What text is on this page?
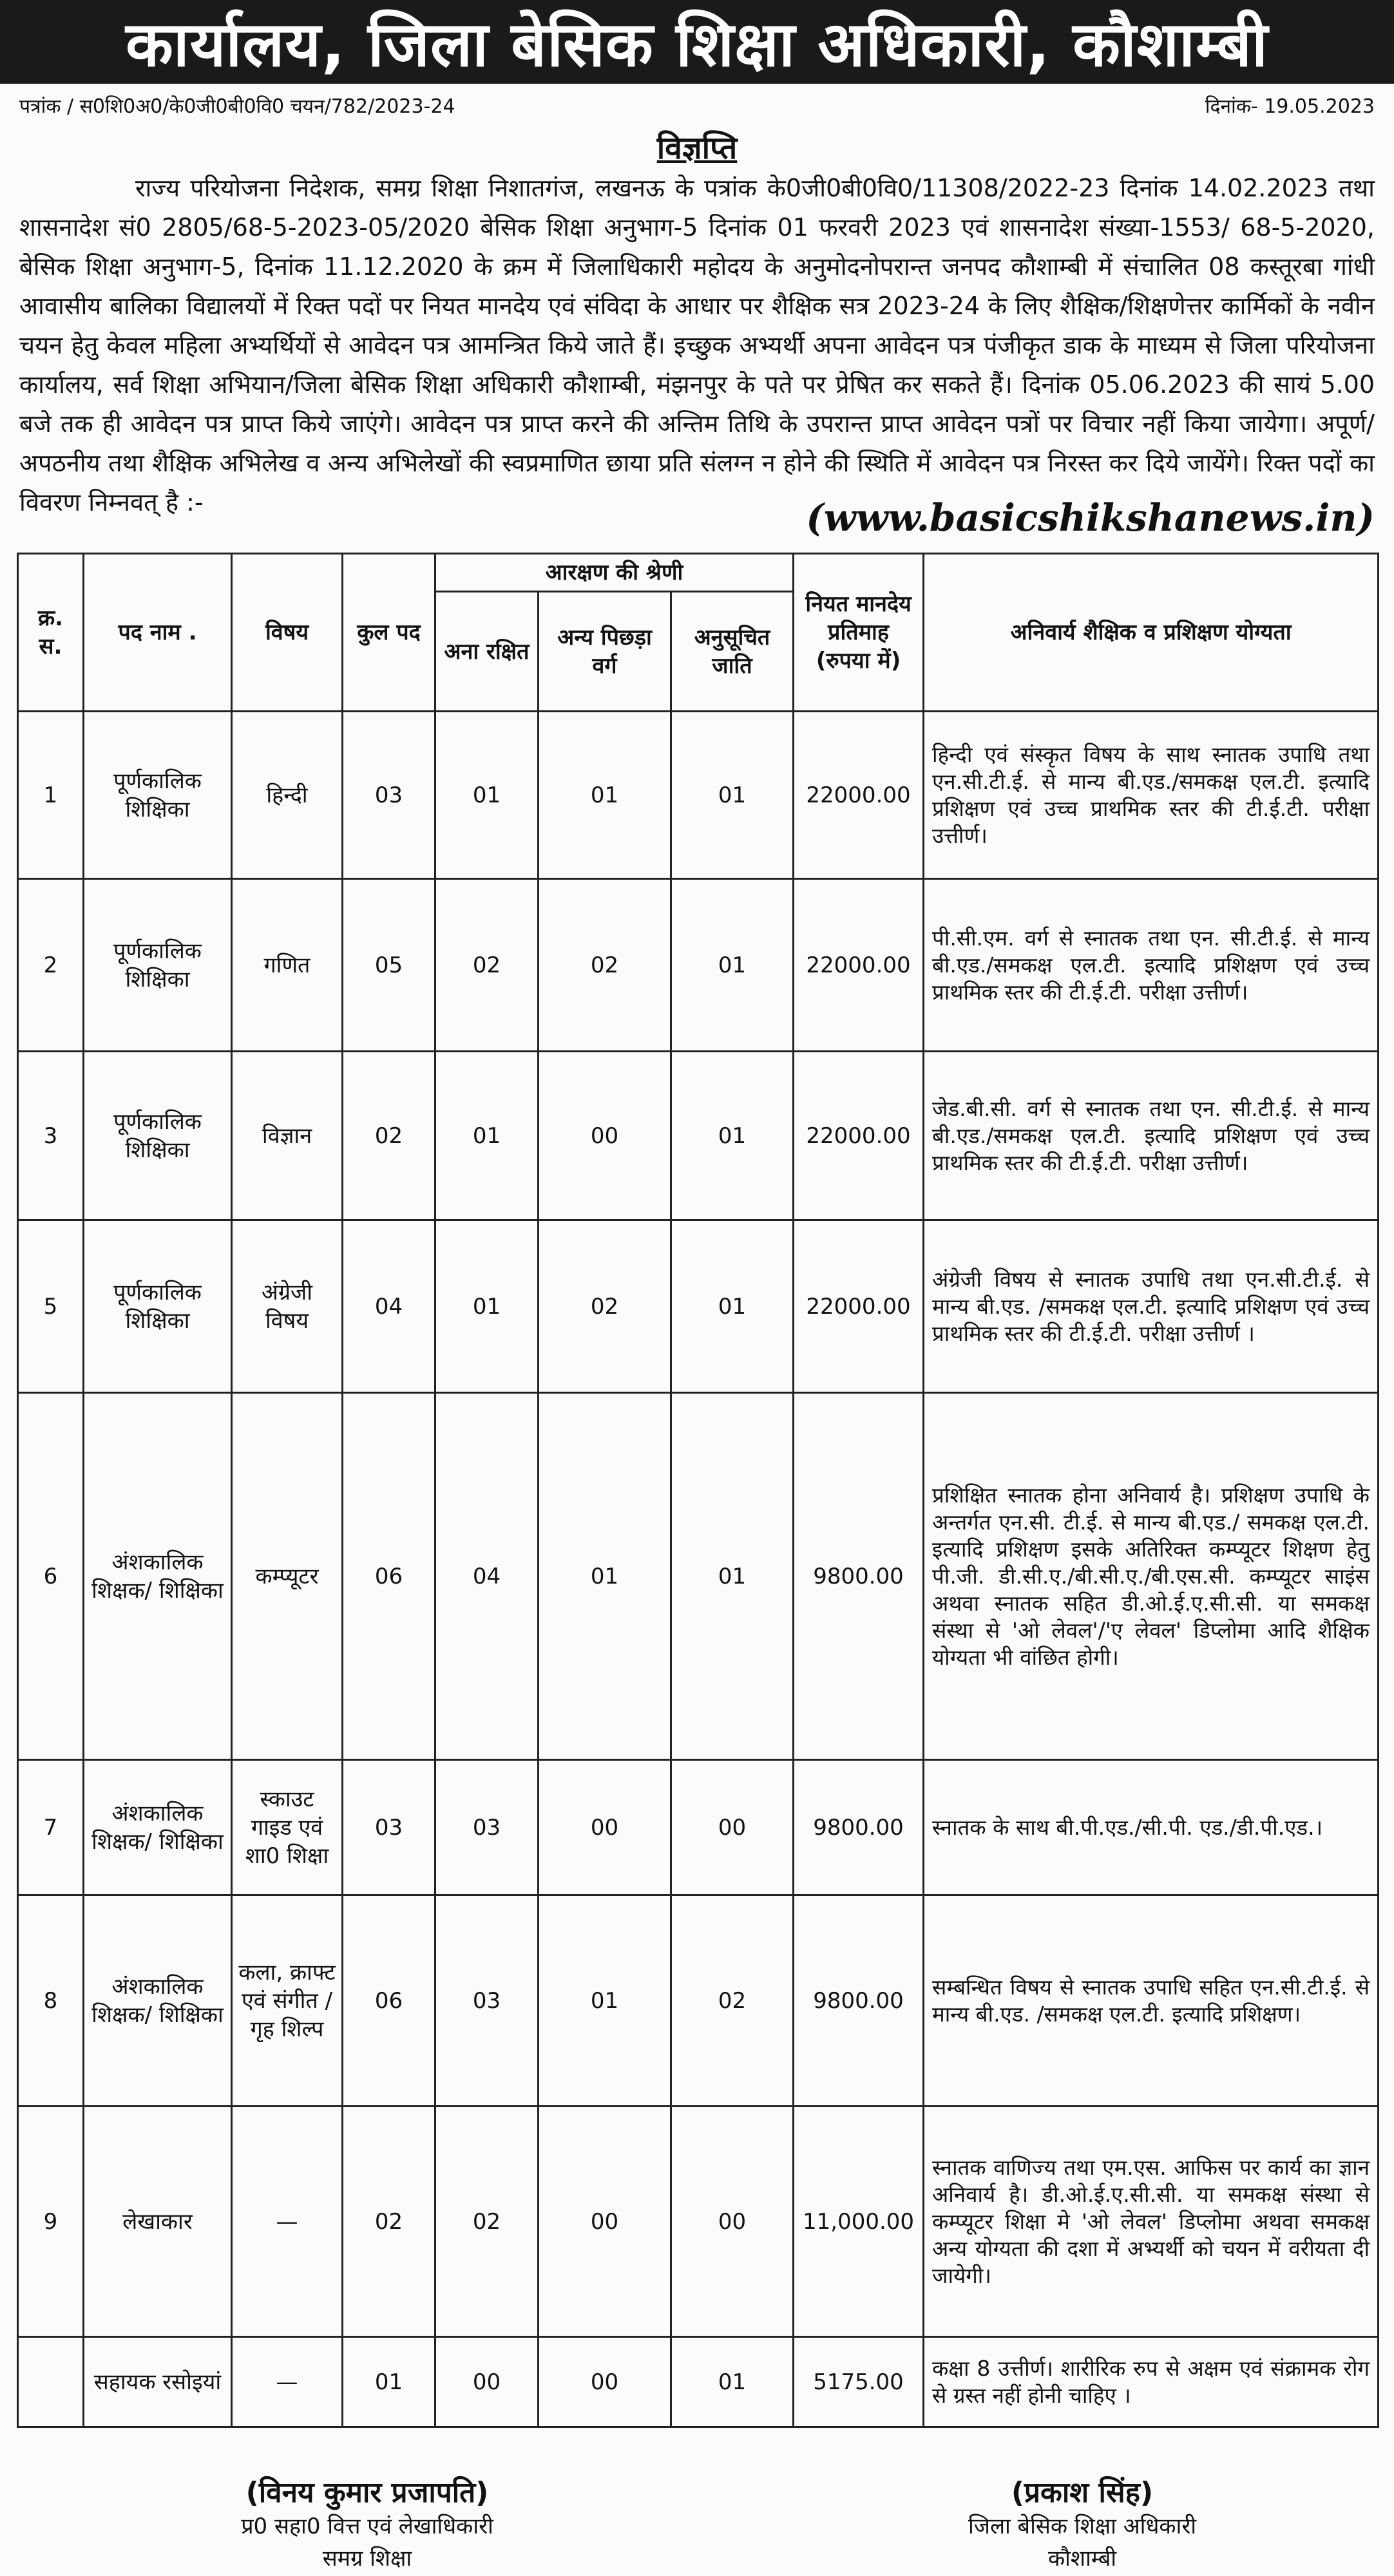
कार्यालय, जिला बेसिक शिक्षा अधिकारी, कौशाम्बी
पत्रांक / स0शि0अ0/के0जी0बी0वि0 चयन/782/2023-24	दिनांक- 19.05.2023
विज्ञप्ति
राज्य परियोजना निदेशक, समग्र शिक्षा निशातगंज, लखनऊ के पत्रांक के0जी0बी0वि0/11308/2022-23 दिनांक 14.02.2023 तथा शासनादेश सं0 2805/68-5-2023-05/2020 बेसिक शिक्षा अनुभाग-5 दिनांक 01 फरवरी 2023 एवं शासनादेश संख्या-1553/ 68-5-2020, बेसिक शिक्षा अनुभाग-5, दिनांक 11.12.2020 के क्रम में जिलाधिकारी महोदय के अनुमोदनोपरान्त जनपद कौशाम्बी में संचालित 08 कस्तूरबा गांधी आवासीय बालिका विद्यालयों में रिक्त पदों पर नियत मानदेय एवं संविदा के आधार पर शैक्षिक सत्र 2023-24 के लिए शैक्षिक/शिक्षणेत्तर कार्मिकों के नवीन चयन हेतु केवल महिला अभ्यर्थियों से आवेदन पत्र आमन्त्रित किये जाते हैं। इच्छुक अभ्यर्थी अपना आवेदन पत्र पंजीकृत डाक के माध्यम से जिला परियोजना कार्यालय, सर्व शिक्षा अभियान/जिला बेसिक शिक्षा अधिकारी कौशाम्बी, मंझनपुर के पते पर प्रेषित कर सकते हैं। दिनांक 05.06.2023 की सायं 5.00 बजे तक ही आवेदन पत्र प्राप्त किये जाएंगे। आवेदन पत्र प्राप्त करने की अन्तिम तिथि के उपरान्त प्राप्त आवेदन पत्रों पर विचार नहीं किया जायेगा। अपूर्ण/अपठनीय तथा शैक्षिक अभिलेख व अन्य अभिलेखों की स्वप्रमाणित छाया प्रति संलग्न न होने की स्थिति में आवेदन पत्र निरस्त कर दिये जायेंगे। रिक्त पदों का विवरण निम्नवत् है :-	(www.basicshikshanews.in)
क्र. स.	पद नाम .	विषय	कुल पद	आरक्षण की श्रेणी			नियत मानदेय प्रतिमाह (रुपया में)	अनिवार्य शैक्षिक व प्रशिक्षण योग्यता
				अना रक्षित	अन्य पिछड़ा वर्ग	अनुसूचित जाति		
1	पूर्णकालिक शिक्षिका	हिन्दी	03	01	01	01	22000.00	हिन्दी एवं संस्कृत विषय के साथ स्नातक उपाधि तथा एन.सी.टी.ई. से मान्य बी.एड./समकक्ष एल.टी. इत्यादि प्रशिक्षण एवं उच्च प्राथमिक स्तर की टी.ई.टी. परीक्षा उत्तीर्ण।
2	पूर्णकालिक शिक्षिका	गणित	05	02	02	01	22000.00	पी.सी.एम. वर्ग से स्नातक तथा एन. सी.टी.ई. से मान्य बी.एड./समकक्ष एल.टी. इत्यादि प्रशिक्षण एवं उच्च प्राथमिक स्तर की टी.ई.टी. परीक्षा उत्तीर्ण।
3	पूर्णकालिक शिक्षिका	विज्ञान	02	01	00	01	22000.00	जेड.बी.सी. वर्ग से स्नातक तथा एन. सी.टी.ई. से मान्य बी.एड./समकक्ष एल.टी. इत्यादि प्रशिक्षण एवं उच्च प्राथमिक स्तर की टी.ई.टी. परीक्षा उत्तीर्ण।
5	पूर्णकालिक शिक्षिका	अंग्रेजी विषय	04	01	02	01	22000.00	अंग्रेजी विषय से स्नातक उपाधि तथा एन.सी.टी.ई. से मान्य बी.एड. /समकक्ष एल.टी. इत्यादि प्रशिक्षण एवं उच्च प्राथमिक स्तर की टी.ई.टी. परीक्षा उत्तीर्ण ।
6	अंशकालिक शिक्षक/ शिक्षिका	कम्प्यूटर	06	04	01	01	9800.00	प्रशिक्षित स्नातक होना अनिवार्य है। प्रशिक्षण उपाधि के अन्तर्गत एन.सी. टी.ई. से मान्य बी.एड./ समकक्ष एल.टी. इत्यादि प्रशिक्षण इसके अतिरिक्त कम्प्यूटर शिक्षण हेतु पी.जी. डी.सी.ए./बी.सी.ए./बी.एस.सी. कम्प्यूटर साइंस अथवा स्नातक सहित डी.ओ.ई.ए.सी.सी. या समकक्ष संस्था से 'ओ लेवल'/'ए लेवल' डिप्लोमा आदि शैक्षिक योग्यता भी वांछित होगी।
7	अंशकालिक शिक्षक/ शिक्षिका	स्काउट गाइड एवं शा0 शिक्षा	03	03	00	00	9800.00	स्नातक के साथ बी.पी.एड./सी.पी. एड./डी.पी.एड.।
8	अंशकालिक शिक्षक/ शिक्षिका	कला, क्राफ्ट एवं संगीत /गृह शिल्प	06	03	01	02	9800.00	सम्बन्धित विषय से स्नातक उपाधि सहित एन.सी.टी.ई. से मान्य बी.एड. /समकक्ष एल.टी. इत्यादि प्रशिक्षण।
9	लेखाकार	—	02	02	00	00	11,000.00	स्नातक वाणिज्य तथा एम.एस. आफिस पर कार्य का ज्ञान अनिवार्य है। डी.ओ.ई.ए.सी.सी. या समकक्ष संस्था से कम्प्यूटर शिक्षा मे 'ओ लेवल' डिप्लोमा अथवा समकक्ष अन्य योग्यता की दशा में अभ्यर्थी को चयन में वरीयता दी जायेगी।
	सहायक रसोइयां	—	01	00	00	01	5175.00	कक्षा 8 उत्तीर्ण। शारीरिक रुप से अक्षम एवं संक्रामक रोग से ग्रस्त नहीं होनी चाहिए ।
(विनय कुमार प्रजापति)
प्र0 सहा0 वित्त एवं लेखाधिकारी
समग्र शिक्षा
(प्रकाश सिंह)
जिला बेसिक शिक्षा अधिकारी
कौशाम्बी
